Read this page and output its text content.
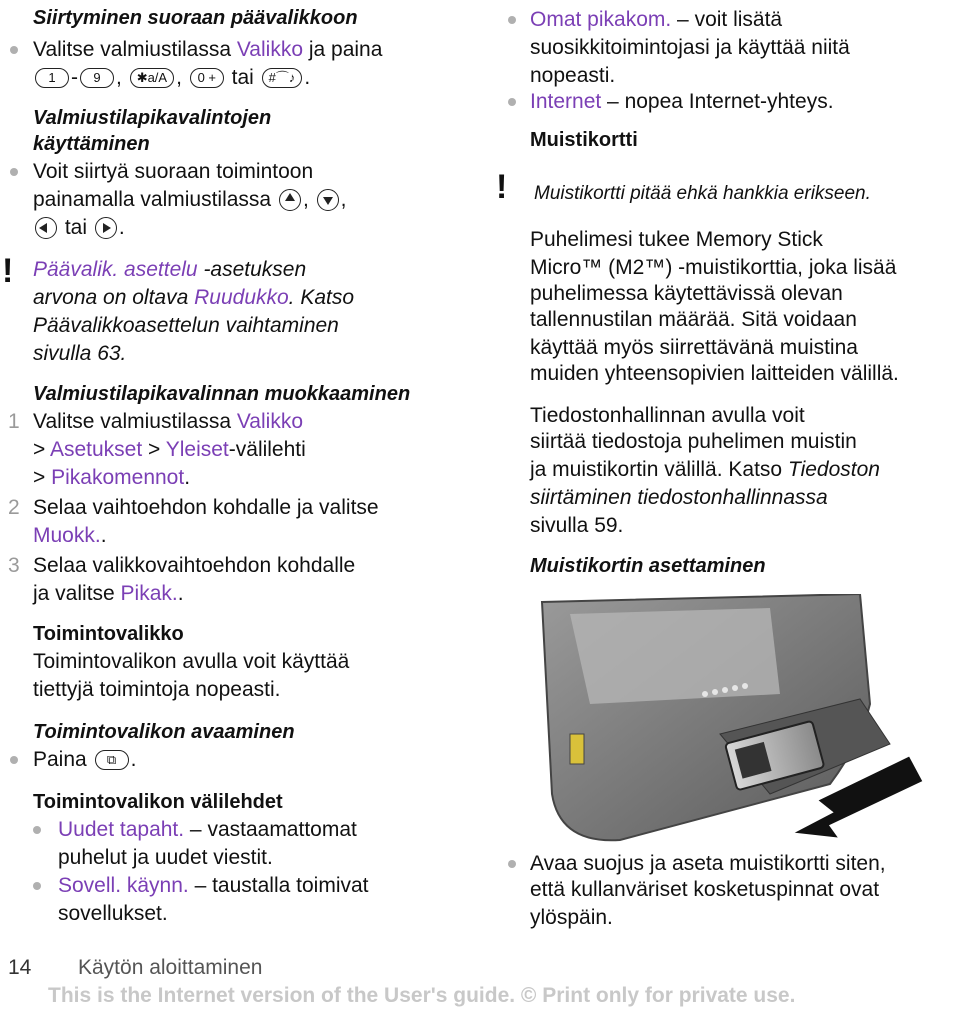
Siirtyminen suoraan päävalikkoon
Valitse valmiustilassa Valikko ja paina
1 - 9 , ✱a/A , 0 + tai #⌒♪ .
Valmiustilapikavalintojen
käyttäminen
Voit siirtyä suoraan toimintoon
painamalla valmiustilassa , ,
tai .
! Päävalik. asettelu -asetuksen
arvona on oltava Ruudukko. Katso
Päävalikkoasettelun vaihtaminen
sivulla 63.
Valmiustilapikavalinnan muokkaaminen
1 Valitse valmiustilassa Valikko
> Asetukset > Yleiset-välilehti
> Pikakomennot.
2 Selaa vaihtoehdon kohdalle ja valitse
Muokk..
3 Selaa valikkovaihtoehdon kohdalle
ja valitse Pikak..
Toimintovalikko
Toimintovalikon avulla voit käyttää
tiettyjä toimintoja nopeasti.
Toimintovalikon avaaminen
Paina ⧉ .
Toimintovalikon välilehdet
Uudet tapaht. – vastaamattomat
puhelut ja uudet viestit.
Sovell. käynn. – taustalla toimivat
sovellukset.
Omat pikakom. – voit lisätä
suosikkitoimintojasi ja käyttää niitä
nopeasti.
Internet – nopea Internet-yhteys.
Muistikortti
! Muistikortti pitää ehkä hankkia erikseen.
Puhelimesi tukee Memory Stick
Micro™ (M2™) -muistikorttia, joka lisää
puhelimessa käytettävissä olevan
tallennustilan määrää. Sitä voidaan
käyttää myös siirrettävänä muistina
muiden yhteensopivien laitteiden välillä.
Tiedostonhallinnan avulla voit
siirtää tiedostoja puhelimen muistin
ja muistikortin välillä. Katso Tiedoston
siirtäminen tiedostonhallinnassa
sivulla 59.
Muistikortin asettaminen
Avaa suojus ja aseta muistikortti siten,
että kullanväriset kosketuspinnat ovat
ylöspäin.
14 Käytön aloittaminen
This is the Internet version of the User's guide. © Print only for private use.
